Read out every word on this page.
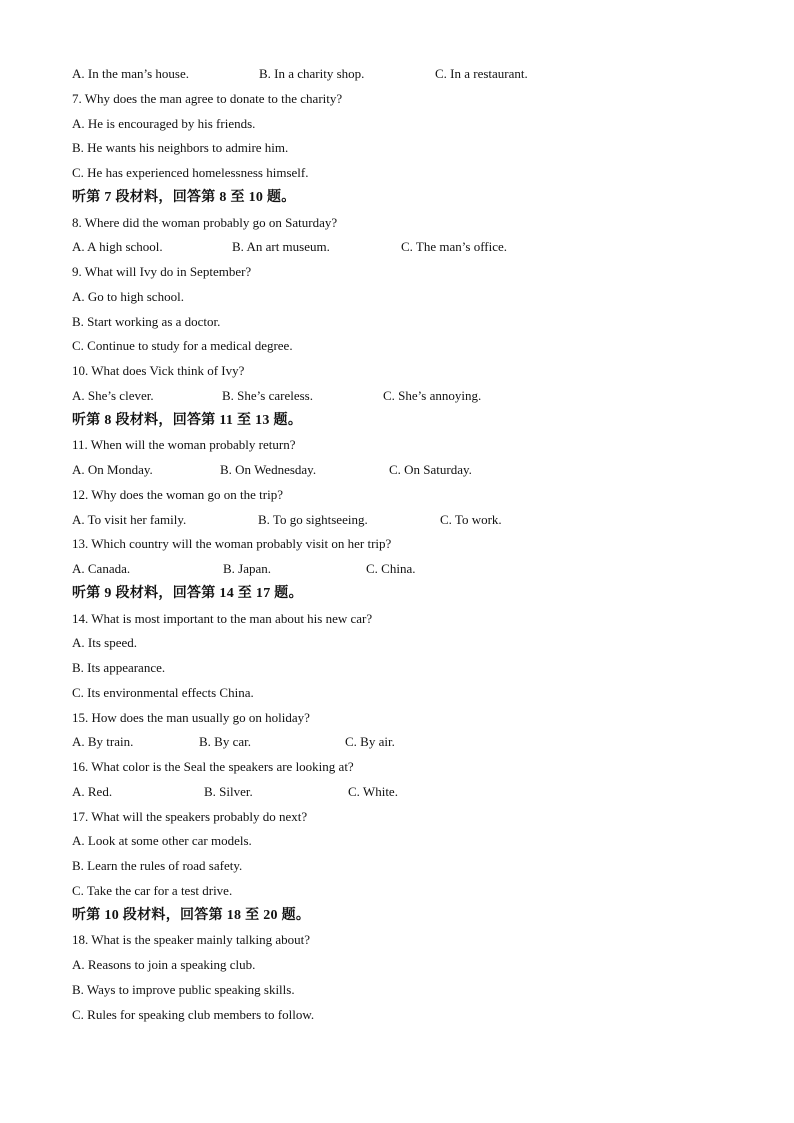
A. In the man’s house.	B. In a charity shop.	C. In a restaurant.
7. Why does the man agree to donate to the charity?
A. He is encouraged by his friends.
B. He wants his neighbors to admire him.
C. He has experienced homelessness himself.
听第 7 段材料，回答第 8 至 10 题。
8. Where did the woman probably go on Saturday?
A. A high school.	B. An art museum.	C. The man’s office.
9. What will Ivy do in September?
A. Go to high school.
B. Start working as a doctor.
C. Continue to study for a medical degree.
10. What does Vick think of Ivy?
A. She’s clever.	B. She’s careless.	C. She’s annoying.
听第 8 段材料，回答第 11 至 13 题。
11. When will the woman probably return?
A. On Monday.	B. On Wednesday.	C. On Saturday.
12. Why does the woman go on the trip?
A. To visit her family.	B. To go sightseeing.	C. To work.
13. Which country will the woman probably visit on her trip?
A. Canada.	B. Japan.	C. China.
听第 9 段材料，回答第 14 至 17 题。
14. What is most important to the man about his new car?
A. Its speed.
B. Its appearance.
C. Its environmental effects China.
15. How does the man usually go on holiday?
A. By train.	B. By car.	C. By air.
16. What color is the Seal the speakers are looking at?
A. Red.	B. Silver.	C. White.
17. What will the speakers probably do next?
A. Look at some other car models.
B. Learn the rules of road safety.
C. Take the car for a test drive.
听第 10 段材料，回答第 18 至 20 题。
18. What is the speaker mainly talking about?
A. Reasons to join a speaking club.
B. Ways to improve public speaking skills.
C. Rules for speaking club members to follow.
